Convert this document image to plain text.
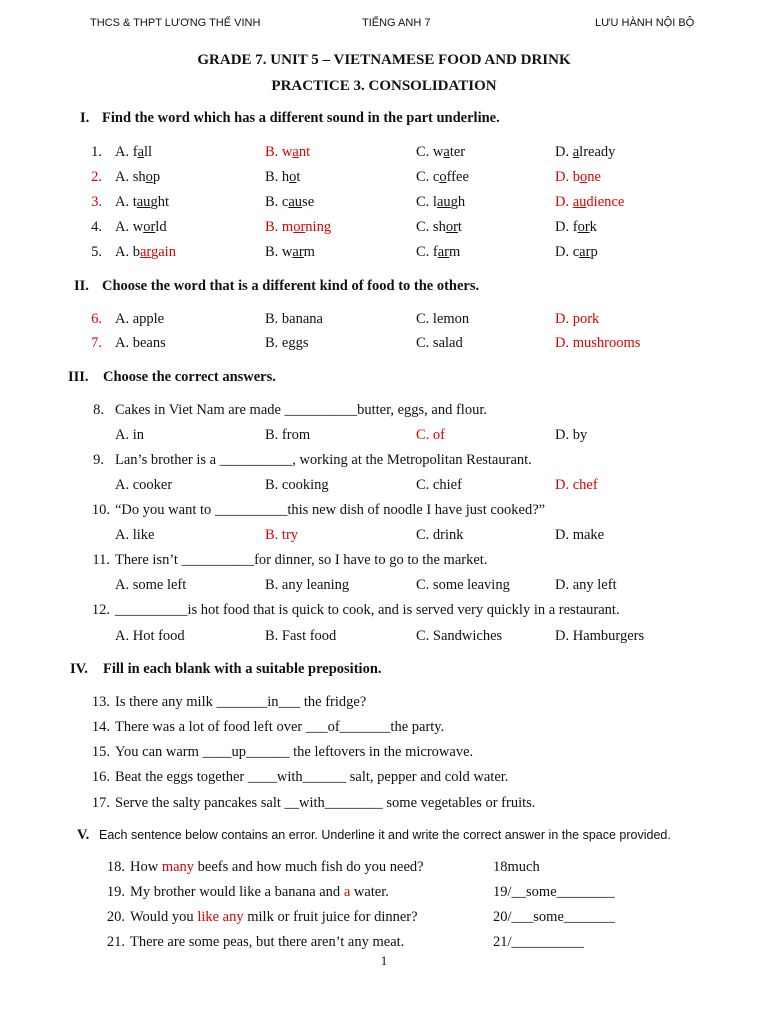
THCS & THPT LƯƠNG THẾ VINH	TIẾNG ANH 7	LƯU HÀNH NỘI BỘ
GRADE 7. UNIT 5 – VIETNAMESE FOOD AND DRINK
PRACTICE 3. CONSOLIDATION
I. Find the word which has a different sound in the part underline.
1. A. fall	B. want	C. water	D. already
2. A. shop	B. hot	C. coffee	D. bone
3. A. taught	B. cause	C. laugh	D. audience
4. A. world	B. morning	C. short	D. fork
5. A. bargain	B. warm	C. farm	D. carp
II. Choose the word that is a different kind of food to the others.
6. A. apple	B. banana	C. lemon	D. pork
7. A. beans	B. eggs	C. salad	D. mushrooms
III. Choose the correct answers.
8. Cakes in Viet Nam are made __________butter, eggs, and flour.
A. in	B. from	C. of	D. by
9. Lan’s brother is a __________, working at the Metropolitan Restaurant.
A. cooker	B. cooking	C. chief	D. chef
10. “Do you want to __________this new dish of noodle I have just cooked?”
A. like	B. try	C. drink	D. make
11. There isn’t __________for dinner, so I have to go to the market.
A. some left	B. any leaning	C. some leaving	D. any left
12. __________is hot food that is quick to cook, and is served very quickly in a restaurant.
A. Hot food	B. Fast food	C. Sandwiches	D. Hamburgers
IV. Fill in each blank with a suitable preposition.
13. Is there any milk _______in___ the fridge?
14. There was a lot of food left over ___of_______the party.
15. You can warm ____up______ the leftovers in the microwave.
16. Beat the eggs together ____with______ salt, pepper and cold water.
17. Serve the salty pancakes salt __with________ some vegetables or fruits.
V. Each sentence below contains an error. Underline it and write the correct answer in the space provided.
18. How many beefs and how much fish do you need?	18much
19. My brother would like a banana and a water.	19/__some________
20. Would you like any milk or fruit juice for dinner?	20/___some_______
21. There are some peas, but there aren’t any meat.	21/__________
1
